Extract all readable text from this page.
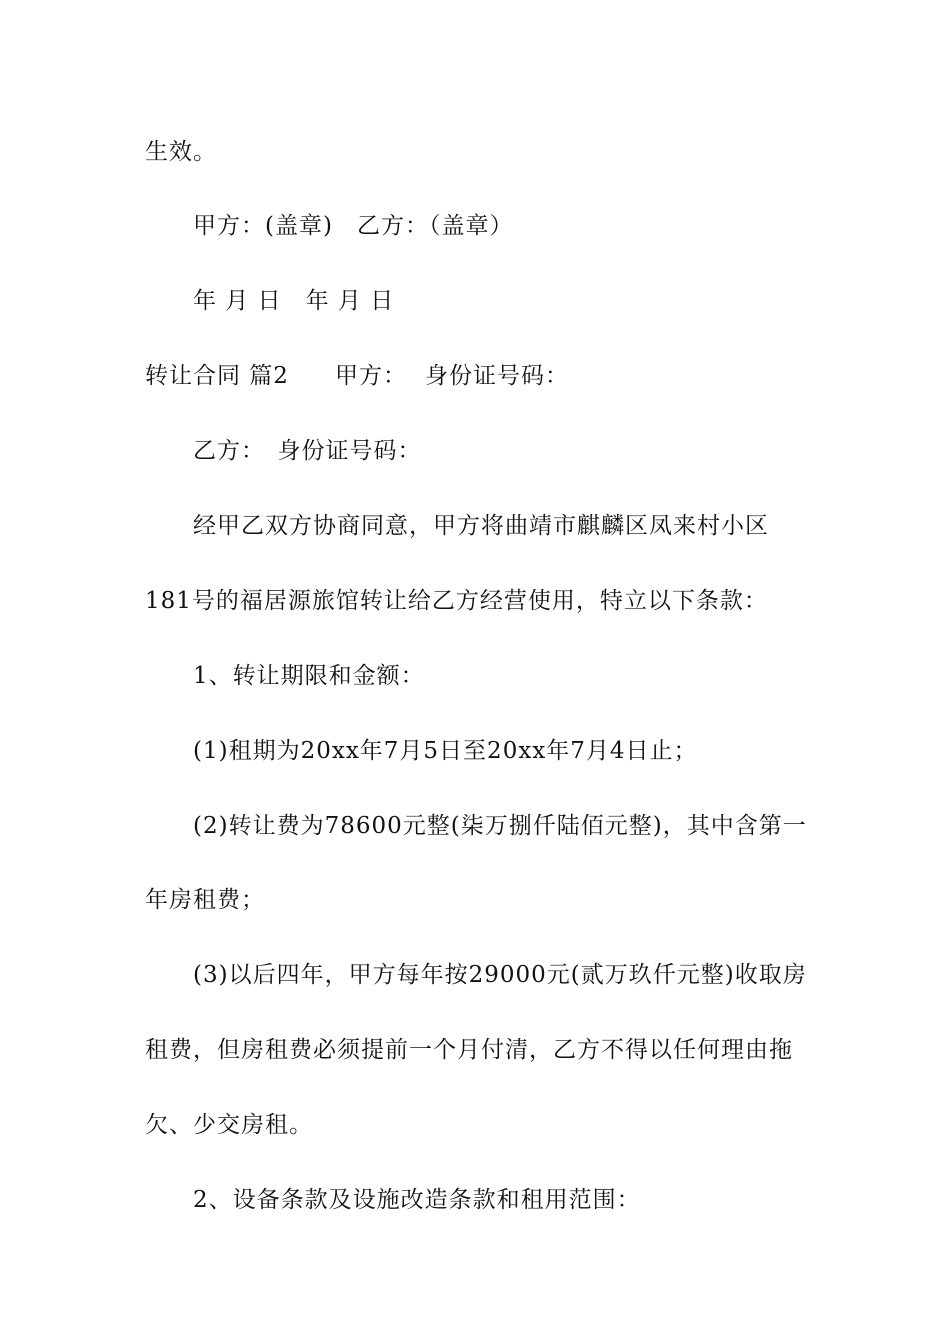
生效。
甲方：(盖章)　乙方：（盖章）
年 月 日　年 月 日
转让合同 篇2 甲方： 身份证号码：
乙方：　身份证号码：
经甲乙双方协商同意，甲方将曲靖市麒麟区凤来村小区
181号的福居源旅馆转让给乙方经营使用，特立以下条款：
1、转让期限和金额：
(1)租期为20xx年7月5日至20xx年7月4日止；
(2)转让费为78600元整(柒万捌仟陆佰元整)，其中含第一
年房租费；
(3)以后四年，甲方每年按29000元(贰万玖仟元整)收取房
租费，但房租费必须提前一个月付清，乙方不得以任何理由拖
欠、少交房租。
2、设备条款及设施改造条款和租用范围：
